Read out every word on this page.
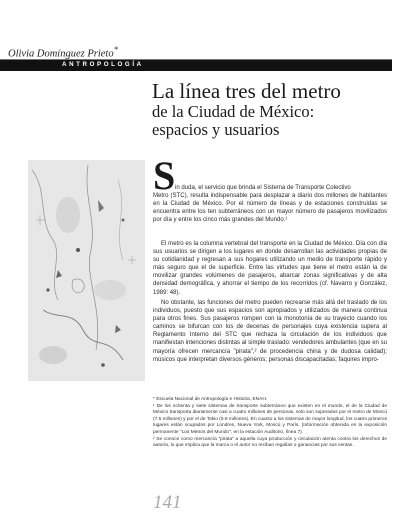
Olivia Domínguez Prieto*
ANTROPOLOGÍA
La línea tres del metro
de la Ciudad de México:
espacios y usuarios
S in duda, el servicio que brinda el Sistema de Transporte Colectivo
Metro (STC), resulta indispensable para desplazar a diario dos millones de habitantes en la Ciudad de México. Por el número de líneas y de estaciones construidas se encuentra entre los ten subterráneos con un mayor número de pasajeros movilizados por día y entre los cinco más grandes del Mundo.¹
El metro es la columna vertebral del transporte en la Ciudad de México. Día con día sus usuarios se dirigen a los lugares en donde desarrollan las actividades propias de su cotidianidad y regresan a sus hogares utilizando un medio de transporte rápido y más seguro que el de superficie. Entre las virtudes que tiene el metro están la de movilizar grandes volúmenes de pasajeros, abarcar zonas significativas y de alta densidad demográfica, y ahorrar el tiempo de los recorridos (cf. Navarro y González, 1989: 48).
No obstante, las funciones del metro pueden recrearse más allá del traslado de los individuos, puesto que sus espacios son apropiados y utilizados de manera continua para otros fines. Sus pasajeros rompen con la monotonía de su trayecto cuando los caminos se bifurcan con los de decenas de personajes cuya existencia supera al Reglamento Interno del STC que rechaza la circulación de los individuos que manifiestan intenciones distintas al simple traslado: vendedores ambulantes (que en su mayoría ofrecen mercancía "pirata",² de procedencia china y de dudosa calidad); músicos que interpretan diversos géneros; personas discapacitadas; faquires impro-
* Escuela Nacional de Antropología e Historia, ENAH.
¹ De los ochenta y siete sistemas de transporte subterráneo que existen en el mundo, el de la Ciudad de México transporta diariamente casi a cuatro millones de personas, solo son superados por el metro de Moscú (7.5 millones) y por el de Tokio (5.9 millones). En cuanto a los sistemas de mayor longitud, los cuatro primeros lugares están ocupados por Londres, Nueva York, Moscú y París. (Información obtenida en la exposición permanente "Los Metros del Mundo", en la estación Auditorio, línea 7).
² Se conoce como mercancía "pirata" a aquella cuya producción y circulación atenta contra los derechos de autoría, lo que implica que la marca o el autor no reciban regalías o ganancias por sus ventas.
141
